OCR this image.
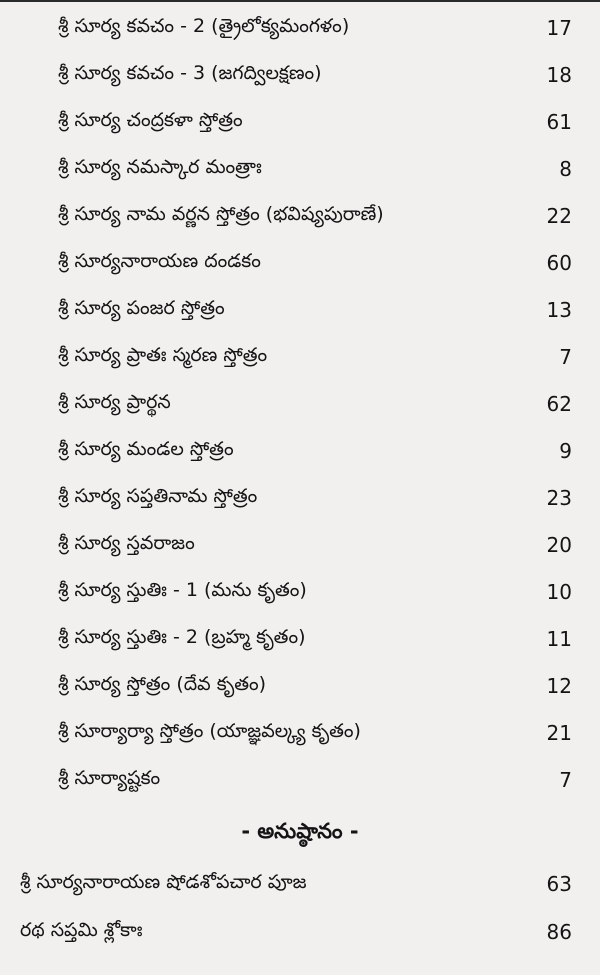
శ్రీ సూర్య కవచం - 2 (త్రైలోక్యమంగళం)	17
శ్రీ సూర్య కవచం - 3 (జగద్విలక్షణం)	18
శ్రీ సూర్య చంద్రకళా స్తోత్రం	61
శ్రీ సూర్య నమస్కార మంత్రాః	8
శ్రీ సూర్య నామ వర్ణన స్తోత్రం (భవిష్యపురాణే)	22
శ్రీ సూర్యనారాయణ దండకం	60
శ్రీ సూర్య పంజర స్తోత్రం	13
శ్రీ సూర్య ప్రాతః స్మరణ స్తోత్రం	7
శ్రీ సూర్య ప్రార్థన	62
శ్రీ సూర్య మండల స్తోత్రం	9
శ్రీ సూర్య సప్తతినామ స్తోత్రం	23
శ్రీ సూర్య స్తవరాజం	20
శ్రీ సూర్య స్తుతిః - 1 (మను కృతం)	10
శ్రీ సూర్య స్తుతిః - 2 (బ్రహ్మ కృతం)	11
శ్రీ సూర్య స్తోత్రం (దేవ కృతం)	12
శ్రీ సూర్యార్యా స్తోత్రం (యాజ్ఞవల్క్య కృతం)	21
శ్రీ సూర్యాష్టకం	7
- అనుష్ఠానం -
శ్రీ సూర్యనారాయణ షోడశోపచార పూజ	63
రథ సప్తమి శ్లోకాః	86
